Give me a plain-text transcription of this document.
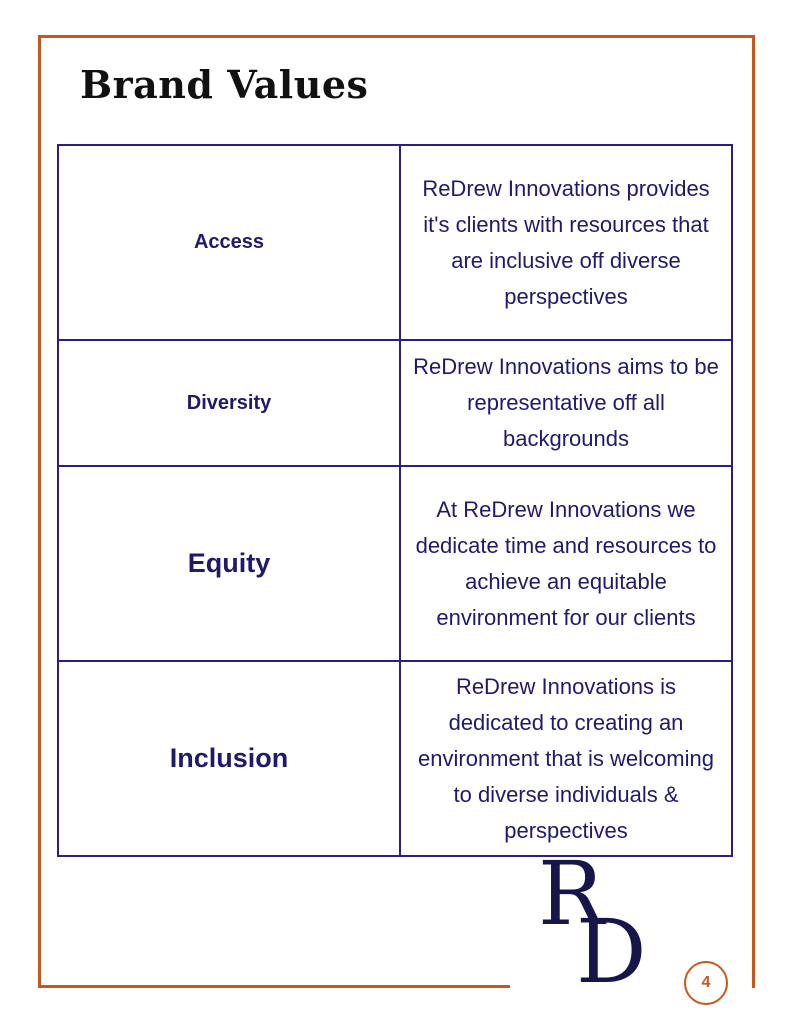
Brand Values
Access	ReDrew Innovations provides it's clients with resources that are inclusive off diverse perspectives
Diversity	ReDrew Innovations aims to be representative off all backgrounds
Equity	At ReDrew Innovations we dedicate time and resources to achieve an equitable environment for our clients
Inclusion	ReDrew Innovations is dedicated to creating an environment that is welcoming to diverse individuals & perspectives
R
D	4
